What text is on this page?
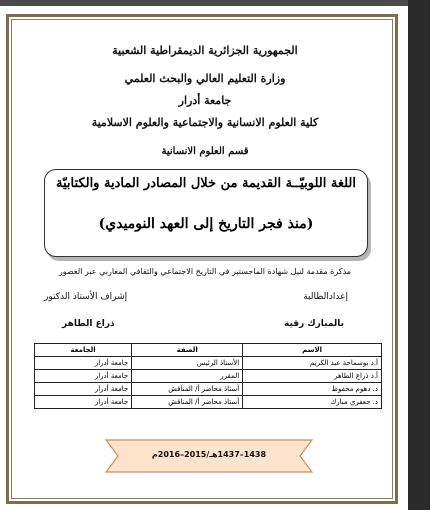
الجمهورية الجزائرية الديمقراطية الشعبية
وزارة التعليم العالي والبحث العلمي
جامعة أدرار
كلية العلوم الانسانية والاجتماعية والعلوم الاسلامية
قسم العلوم الانسانية
اللغة اللوبيّــة القديمة من خلال المصادر المادية والكتابيّة
(منذ فجر التاريخ إلى العهد النوميدي)
مذكرة مقدمة لنيل شهادة الماجستير في التاريخ الاجتماعي والثقافي المغاربي عبر العصور
إعدادالطالبة
إشراف الأستاذ الدكتور
بالمبارك رقية
ذراع الطاهر
الاسم	الصفة	الجامعة
أ.د بوسماحة عبد الكريم	الأستاذ الرئيس	جامعة أدرار
أ.د ذراع الطاهر	المقرر	جامعة أدرار
د. دهوم محفوظ	أستاذ محاضر أ/ المناقش	جامعة أدرار
د. جعفري مبارك	أستاذ محاضر أ/ المناقش	جامعة أدرار
1438–1437هـ/2015–2016م
